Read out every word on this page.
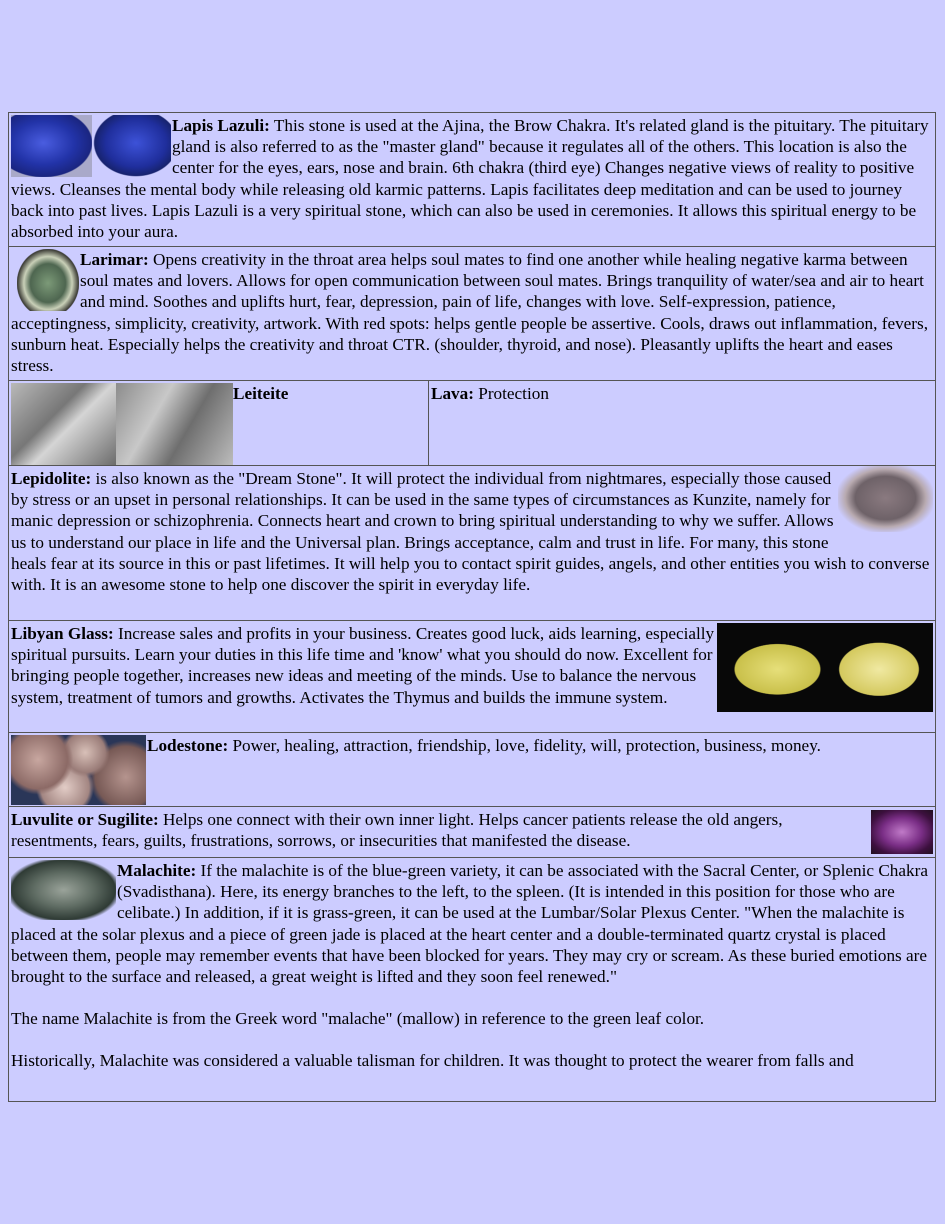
Lapis Lazuli: This stone is used at the Ajina, the Brow Chakra. It's related gland is the pituitary. The pituitary gland is also referred to as the "master gland" because it regulates all of the others. This location is also the center for the eyes, ears, nose and brain. 6th chakra (third eye) Changes negative views of reality to positive views. Cleanses the mental body while releasing old karmic patterns. Lapis facilitates deep meditation and can be used to journey back into past lives. Lapis Lazuli is a very spiritual stone, which can also be used in ceremonies. It allows this spiritual energy to be absorbed into your aura.
Larimar: Opens creativity in the throat area helps soul mates to find one another while healing negative karma between soul mates and lovers. Allows for open communication between soul mates. Brings tranquility of water/sea and air to heart and mind. Soothes and uplifts hurt, fear, depression, pain of life, changes with love. Self-expression, patience, acceptingness, simplicity, creativity, artwork. With red spots: helps gentle people be assertive. Cools, draws out inflammation, fevers, sunburn heat. Especially helps the creativity and throat CTR. (shoulder, thyroid, and nose). Pleasantly uplifts the heart and eases stress.
Leiteite	Lava: Protection
Lepidolite: is also known as the "Dream Stone". It will protect the individual from nightmares, especially those caused by stress or an upset in personal relationships. It can be used in the same types of circumstances as Kunzite, namely for manic depression or schizophrenia. Connects heart and crown to bring spiritual understanding to why we suffer. Allows us to understand our place in life and the Universal plan. Brings acceptance, calm and trust in life. For many, this stone heals fear at its source in this or past lifetimes. It will help you to contact spirit guides, angels, and other entities you wish to converse with. It is an awesome stone to help one discover the spirit in everyday life.
Libyan Glass: Increase sales and profits in your business. Creates good luck, aids learning, especially spiritual pursuits. Learn your duties in this life time and 'know' what you should do now. Excellent for bringing people together, increases new ideas and meeting of the minds. Use to balance the nervous system, treatment of tumors and growths. Activates the Thymus and builds the immune system.
Lodestone: Power, healing, attraction, friendship, love, fidelity, will, protection, business, money.
Luvulite or Sugilite: Helps one connect with their own inner light. Helps cancer patients release the old angers, resentments, fears, guilts, frustrations, sorrows, or insecurities that manifested the disease.
Malachite: If the malachite is of the blue-green variety, it can be associated with the Sacral Center, or Splenic Chakra (Svadisthana). Here, its energy branches to the left, to the spleen. (It is intended in this position for those who are celibate.) In addition, if it is grass-green, it can be used at the Lumbar/Solar Plexus Center. "When the malachite is placed at the solar plexus and a piece of green jade is placed at the heart center and a double-terminated quartz crystal is placed between them, people may remember events that have been blocked for years. They may cry or scream. As these buried emotions are brought to the surface and released, a great weight is lifted and they soon feel renewed."

The name Malachite is from the Greek word "malache" (mallow) in reference to the green leaf color.

Historically, Malachite was considered a valuable talisman for children. It was thought to protect the wearer from falls and
